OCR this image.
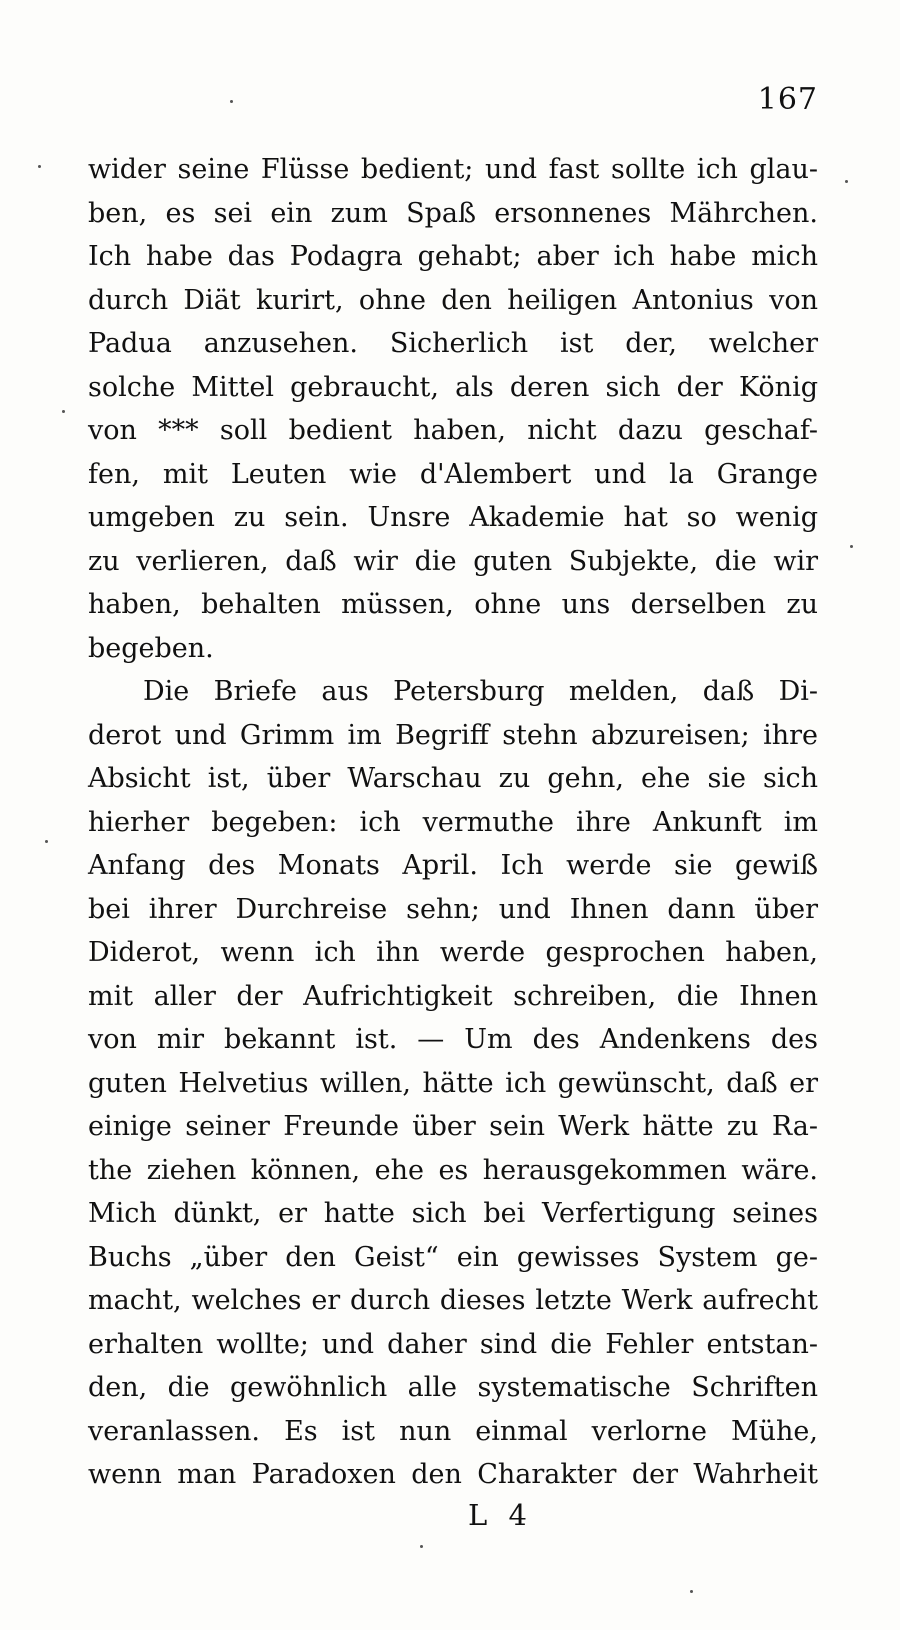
167
wider seine Flüsse bedient; und fast sollte ich glau-
ben, es sei ein zum Spaß ersonnenes Mährchen.
Ich habe das Podagra gehabt; aber ich habe mich
durch Diät kurirt, ohne den heiligen Antonius von
Padua anzusehen. Sicherlich ist der, welcher
solche Mittel gebraucht, als deren sich der König
von *** soll bedient haben, nicht dazu geschaf-
fen, mit Leuten wie d'Alembert und la Grange
umgeben zu sein. Unsre Akademie hat so wenig
zu verlieren, daß wir die guten Subjekte, die wir
haben, behalten müssen, ohne uns derselben zu
begeben.
Die Briefe aus Petersburg melden, daß Di-
derot und Grimm im Begriff stehn abzureisen; ihre
Absicht ist, über Warschau zu gehn, ehe sie sich
hierher begeben: ich vermuthe ihre Ankunft im
Anfang des Monats April. Ich werde sie gewiß
bei ihrer Durchreise sehn; und Ihnen dann über
Diderot, wenn ich ihn werde gesprochen haben,
mit aller der Aufrichtigkeit schreiben, die Ihnen
von mir bekannt ist. — Um des Andenkens des
guten Helvetius willen, hätte ich gewünscht, daß er
einige seiner Freunde über sein Werk hätte zu Ra-
the ziehen können, ehe es herausgekommen wäre.
Mich dünkt, er hatte sich bei Verfertigung seines
Buchs „über den Geist“ ein gewisses System ge-
macht, welches er durch dieses letzte Werk aufrecht
erhalten wollte; und daher sind die Fehler entstan-
den, die gewöhnlich alle systematische Schriften
veranlassen. Es ist nun einmal verlorne Mühe,
wenn man Paradoxen den Charakter der Wahrheit
L 4
